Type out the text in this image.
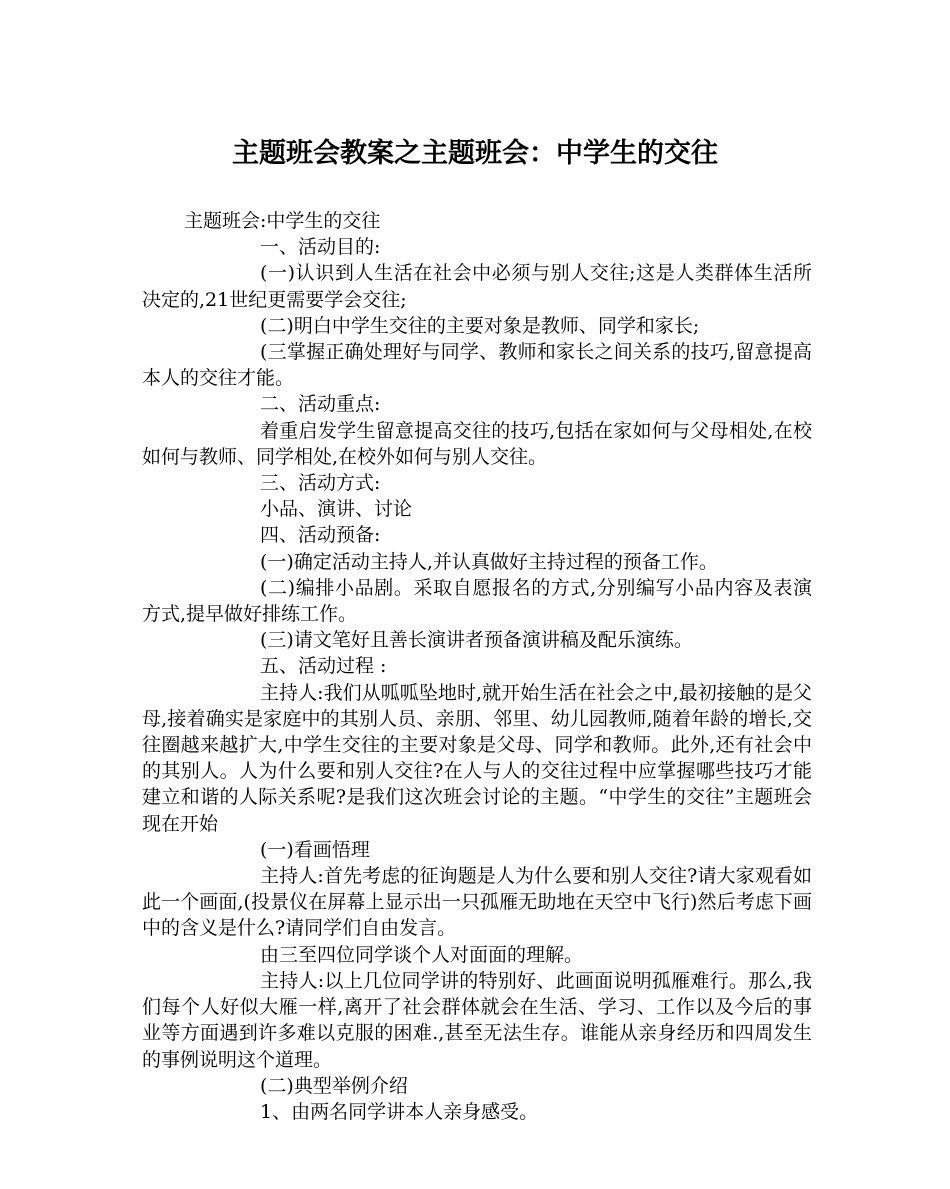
主题班会教案之主题班会：中学生的交往

主题班会:中学生的交往

一、活动目的:

(一)认识到人生活在社会中必须与别人交往;这是人类群体生活所决定的,21世纪更需要学会交往;

(二)明白中学生交往的主要对象是教师、同学和家长;

(三掌握正确处理好与同学、教师和家长之间关系的技巧,留意提高本人的交往才能。

二、活动重点:

着重启发学生留意提高交往的技巧,包括在家如何与父母相处,在校如何与教师、同学相处,在校外如何与别人交往。

三、活动方式:

小品、演讲、讨论

四、活动预备:

(一)确定活动主持人,并认真做好主持过程的预备工作。

(二)编排小品剧。采取自愿报名的方式,分别编写小品内容及表演方式,提早做好排练工作。

(三)请文笔好且善长演讲者预备演讲稿及配乐演练。

五、活动过程 :

主持人:我们从呱呱坠地时,就开始生活在社会之中,最初接触的是父母,接着确实是家庭中的其别人员、亲朋、邻里、幼儿园教师,随着年龄的增长,交往圈越来越扩大,中学生交往的主要对象是父母、同学和教师。此外,还有社会中的其别人。人为什么要和别人交往?在人与人的交往过程中应掌握哪些技巧才能建立和谐的人际关系呢?是我们这次班会讨论的主题。“中学生的交往”主题班会现在开始

(一)看画悟理

主持人:首先考虑的征询题是人为什么要和别人交往?请大家观看如此一个画面,(投景仪在屏幕上显示出一只孤雁无助地在天空中飞行)然后考虑下画中的含义是什么?请同学们自由发言。

由三至四位同学谈个人对面面的理解。

主持人:以上几位同学讲的特别好、此画面说明孤雁难行。那么,我们每个人好似大雁一样,离开了社会群体就会在生活、学习、工作以及今后的事业等方面遇到许多难以克服的困难.,甚至无法生存。谁能从亲身经历和四周发生的事例说明这个道理。

(二)典型举例介绍

1、由两名同学讲本人亲身感受。
